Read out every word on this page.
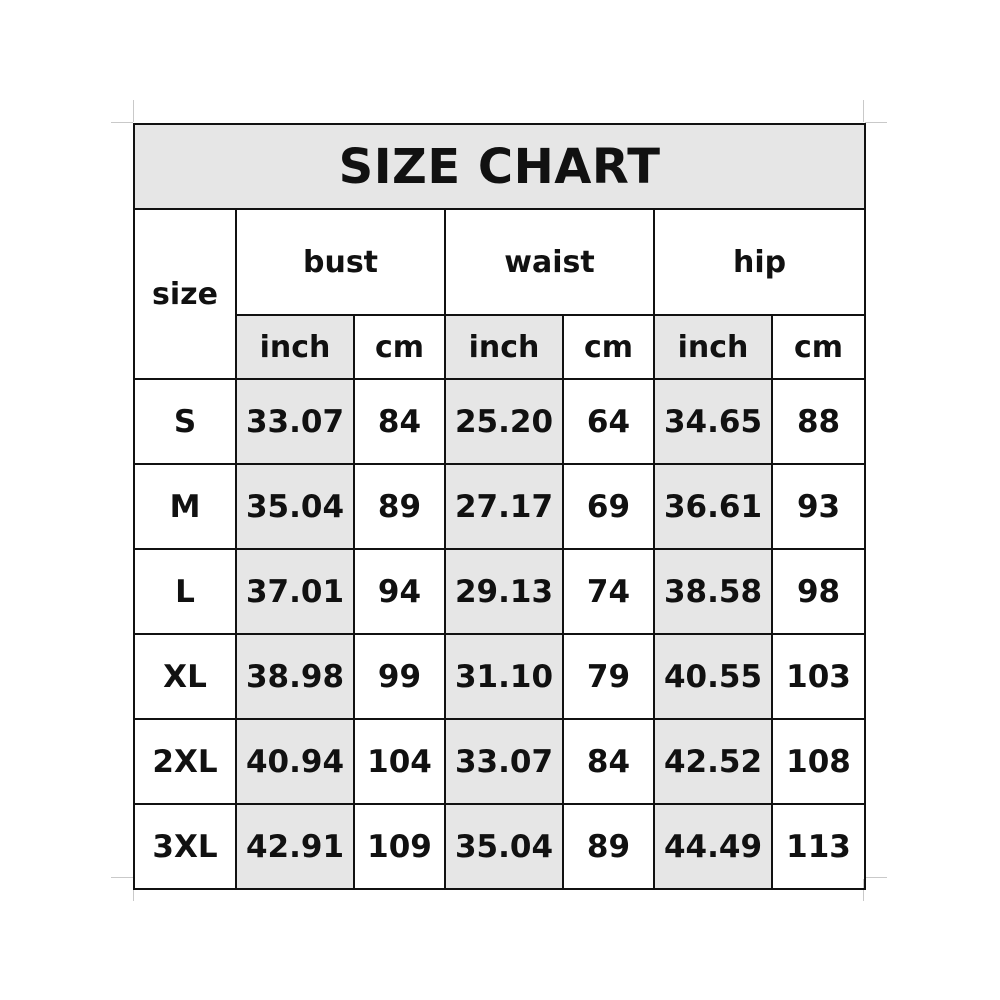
SIZE CHART						
size	bust		waist		hip	
	inch	cm	inch	cm	inch	cm
S	33.07	84	25.20	64	34.65	88
M	35.04	89	27.17	69	36.61	93
L	37.01	94	29.13	74	38.58	98
XL	38.98	99	31.10	79	40.55	103
2XL	40.94	104	33.07	84	42.52	108
3XL	42.91	109	35.04	89	44.49	113
